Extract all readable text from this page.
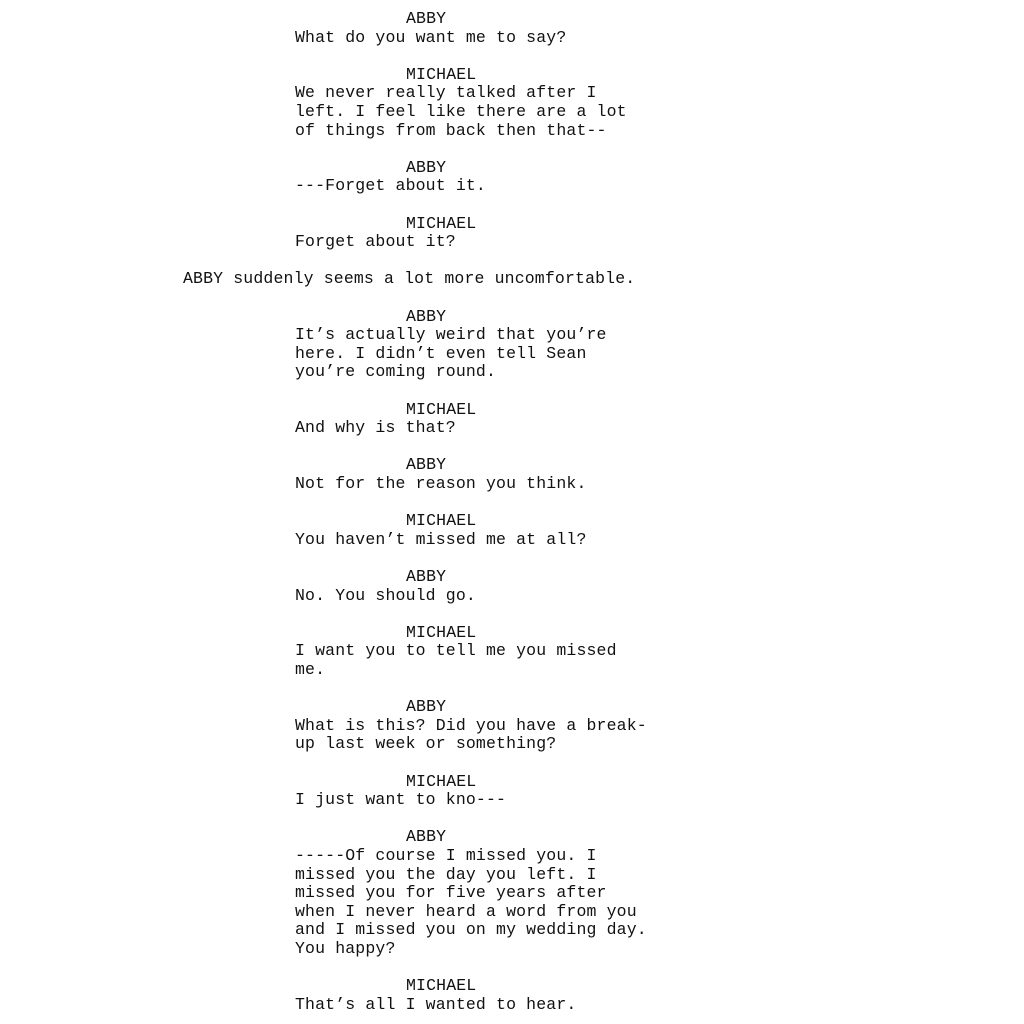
ABBY

What do you want me to say?

MICHAEL

We never really talked after I

left. I feel like there are a lot

of things from back then that--

ABBY

---Forget about it.

MICHAEL

Forget about it?

ABBY suddenly seems a lot more uncomfortable.

ABBY

It’s actually weird that you’re

here. I didn’t even tell Sean

you’re coming round.

MICHAEL

And why is that?

ABBY

Not for the reason you think.

MICHAEL

You haven’t missed me at all?

ABBY

No. You should go.

MICHAEL

I want you to tell me you missed

me.

ABBY

What is this? Did you have a break-

up last week or something?

MICHAEL

I just want to kno---

ABBY

-----Of course I missed you. I

missed you the day you left. I

missed you for five years after

when I never heard a word from you

and I missed you on my wedding day.

You happy?

MICHAEL

That’s all I wanted to hear.
